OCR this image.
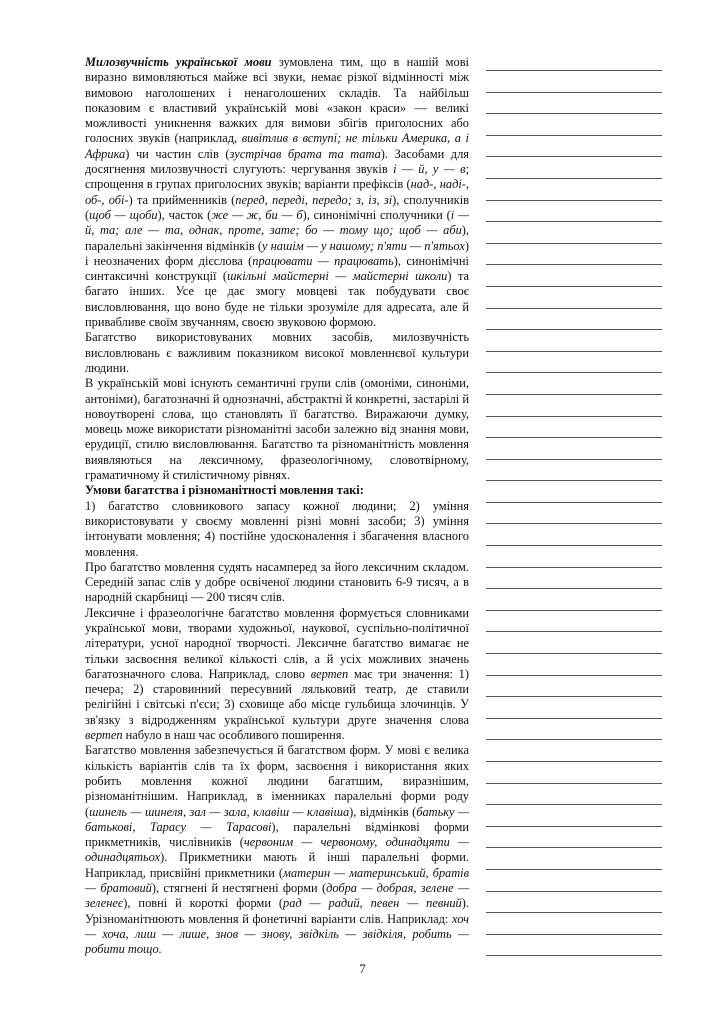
Милозвучність української мови зумовлена тим, що в нашій мові виразно вимовляються майже всі звуки, немає різкої відмінності між вимовою наголошених і ненаголошених складів. Та найбільш показовим є властивий українській мові «закон краси» — великі можливості уникнення важких для вимови збігів приголосних або голосних звуків (наприклад, вивітлив в вступі; не тільки Америка, а і Африка) чи частин слів (зустрічав брата та тата). Засобами для досягнення милозвучності слугують: чергування звуків і — й, у — в; спрощення в групах приголосних звуків; варіанти префіксів (над-, наді-, об-, обі-) та прийменників (перед, переді, передо; з, із, зі), сполучників (щоб — щоби), часток (же — ж, би — б), синонімічні сполучники (і — й, та; але — та, однак, проте, зате; бо — тому що; щоб — аби), паралельні закінчення відмінків (у нашім — у нашому; п'яти — п'ятьох) і неозначених форм дієслова (працювати — працювать), синонімічні синтаксичні конструкції (шкільні майстерні — майстерні школи) та багато інших. Усе це дає змогу мовцеві так побудувати своє висловлювання, що воно буде не тільки зрозуміле для адресата, але й привабливе своїм звучанням, своєю звуковою формою.

Багатство використовуваних мовних засобів, милозвучність висловлювань є важливим показником високої мовленнєвої культури людини.

В українській мові існують семантичні групи слів (омоніми, синоніми, антоніми), багатозначні й однозначні, абстрактні й конкретні, застарілі й новоутворені слова, що становлять її багатство. Виражаючи думку, мовець може використати різноманітні засоби залежно від знання мови, ерудиції, стилю висловлювання. Багатство та різноманітність мовлення виявляються на лексичному, фразеологічному, словотвірному, граматичному й стилістичному рівнях.

Умови багатства і різноманітності мовлення такі:

1) багатство словникового запасу кожної людини; 2) уміння використовувати у своєму мовленні різні мовні засоби; 3) уміння інтонувати мовлення; 4) постійне удосконалення і збагачення власного мовлення.

Про багатство мовлення судять насамперед за його лексичним складом. Середній запас слів у добре освіченої людини становить 6-9 тисяч, а в народній скарбниці — 200 тисяч слів.

Лексичне і фразеологічне багатство мовлення формується словниками української мови, творами художньої, наукової, суспільно-політичної літератури, усної народної творчості. Лексичне багатство вимагає не тільки засвоєння великої кількості слів, а й усіх можливих значень багатозначного слова. Наприклад, слово вертеп має три значення: 1) печера; 2) старовинний пересувний ляльковий театр, де ставили релігійні і світські п'єси; 3) сховище або місце гульбища злочинців. У зв'язку з відродженням української культури друге значення слова вертеп набуло в наш час особливого поширення.

Багатство мовлення забезпечується й багатством форм. У мові є велика кількість варіантів слів та їх форм, засвоєння і використання яких робить мовлення кожної людини багатшим, виразнішим, різноманітнішим. Наприклад, в іменниках паралельні форми роду (шинель — шинеля, зал — зала, клавіш — клавіша), відмінків (батьку — батькові, Тарасу — Тарасові), паралельні відмінкові форми прикметників, числівників (червоним — червоному, одинадцяти — одинадцятьох). Прикметники мають й інші паралельні форми. Наприклад, присвійні прикметники (материн — материнський, братів — братовий), стягнені й нестягнені форми (добра — добрая, зелене — зеленеє), повні й короткі форми (рад — радий, певен — певний). Урізноманітнюють мовлення й фонетичні варіанти слів. Наприклад: хоч — хоча, лиш — лише, знов — знову, звідкіль — звідкіля, робить — робити тощо.

7
